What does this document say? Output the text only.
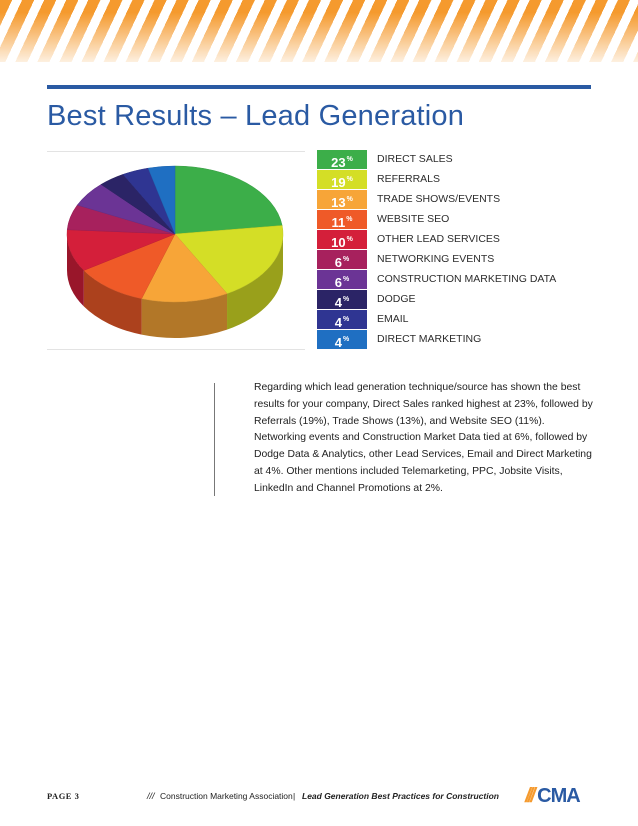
Best Results – Lead Generation
23%	DIRECT SALES
19%	REFERRALS
13%	TRADE SHOWS/EVENTS
11%	WEBSITE SEO
10%	OTHER LEAD SERVICES
6%	NETWORKING EVENTS
6%	CONSTRUCTION MARKETING DATA
4%	DODGE
4%	EMAIL
4%	DIRECT MARKETING

Regarding which lead generation technique/source has shown the best results for your company, Direct Sales ranked highest at 23%, followed by Referrals (19%), Trade Shows (13%), and Website SEO (11%). Networking events and Construction Market Data tied at 6%, followed by Dodge Data & Analytics, other Lead Services, Email and Direct Marketing at 4%. Other mentions included Telemarketing, PPC, Jobsite Visits, LinkedIn and Channel Promotions at 2%.

PAGE 3	/// Construction Marketing Association | Lead Generation Best Practices for Construction /// CMA
